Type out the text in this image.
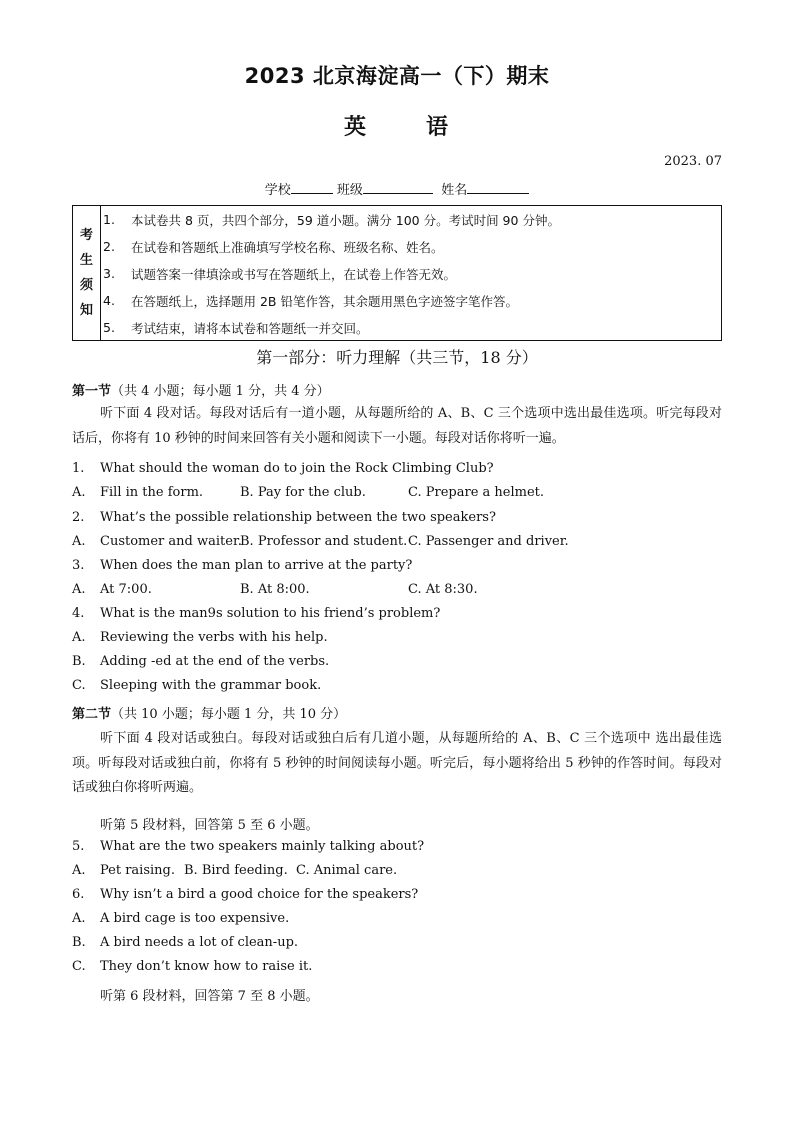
2023 北京海淀高一（下）期末
英	语
2023. 07
学校	班级	姓名
考
生
须
知
1.	本试卷共 8 页，共四个部分，59 道小题。满分 100 分。考试时间 90 分钟。
2.	在试卷和答题纸上准确填写学校名称、班级名称、姓名。
3.	试题答案一律填涂或书写在答题纸上，在试卷上作答无效。
4.	在答题纸上，选择题用 2B 铅笔作答，其余题用黑色字迹签字笔作答。
5.	考试结束，请将本试卷和答题纸一并交回。
第一部分：听力理解（共三节，18 分）
第一节（共 4 小题；每小题 1 分，共 4 分）
听下面 4 段对话。每段对话后有一道小题，从每题所给的 A、B、C 三个选项中选出最佳选项。听完每段对话后，你将有 10 秒钟的时间来回答有关小题和阅读下一小题。每段对话你将听一遍。
1. What should the woman do to join the Rock Climbing Club?
A. Fill in the form.	B. Pay for the club.	C. Prepare a helmet.
2. What’s the possible relationship between the two speakers?
A. Customer and waiter.
B. Professor and student. C. Passenger and driver.
3. When does the man plan to arrive at the party?
A. At 7:00.	B. At 8:00.	C. At 8:30.
4. What is the man9s solution to his friend’s problem?
A. Reviewing the verbs with his help.
B. Adding -ed at the end of the verbs.
C. Sleeping with the grammar book.
第二节（共 10 小题；每小题 1 分，共 10 分）
听下面 4 段对话或独白。每段对话或独白后有几道小题，从每题所给的 A、B、C 三个选项中 选出最佳选项。听每段对话或独白前，你将有 5 秒钟的时间阅读每小题。听完后，每小题将给出 5 秒钟的作答时间。每段对话或独白你将听两遍。
听第 5 段材料，回答第 5 至 6 小题。
5. What are the two speakers mainly talking about?
A. Pet raising. B. Bird feeding. C. Animal care.
6. Why isn’t a bird a good choice for the speakers?
A. A bird cage is too expensive.
B. A bird needs a lot of clean-up.
C. They don’t know how to raise it.
听第 6 段材料，回答第 7 至 8 小题。
